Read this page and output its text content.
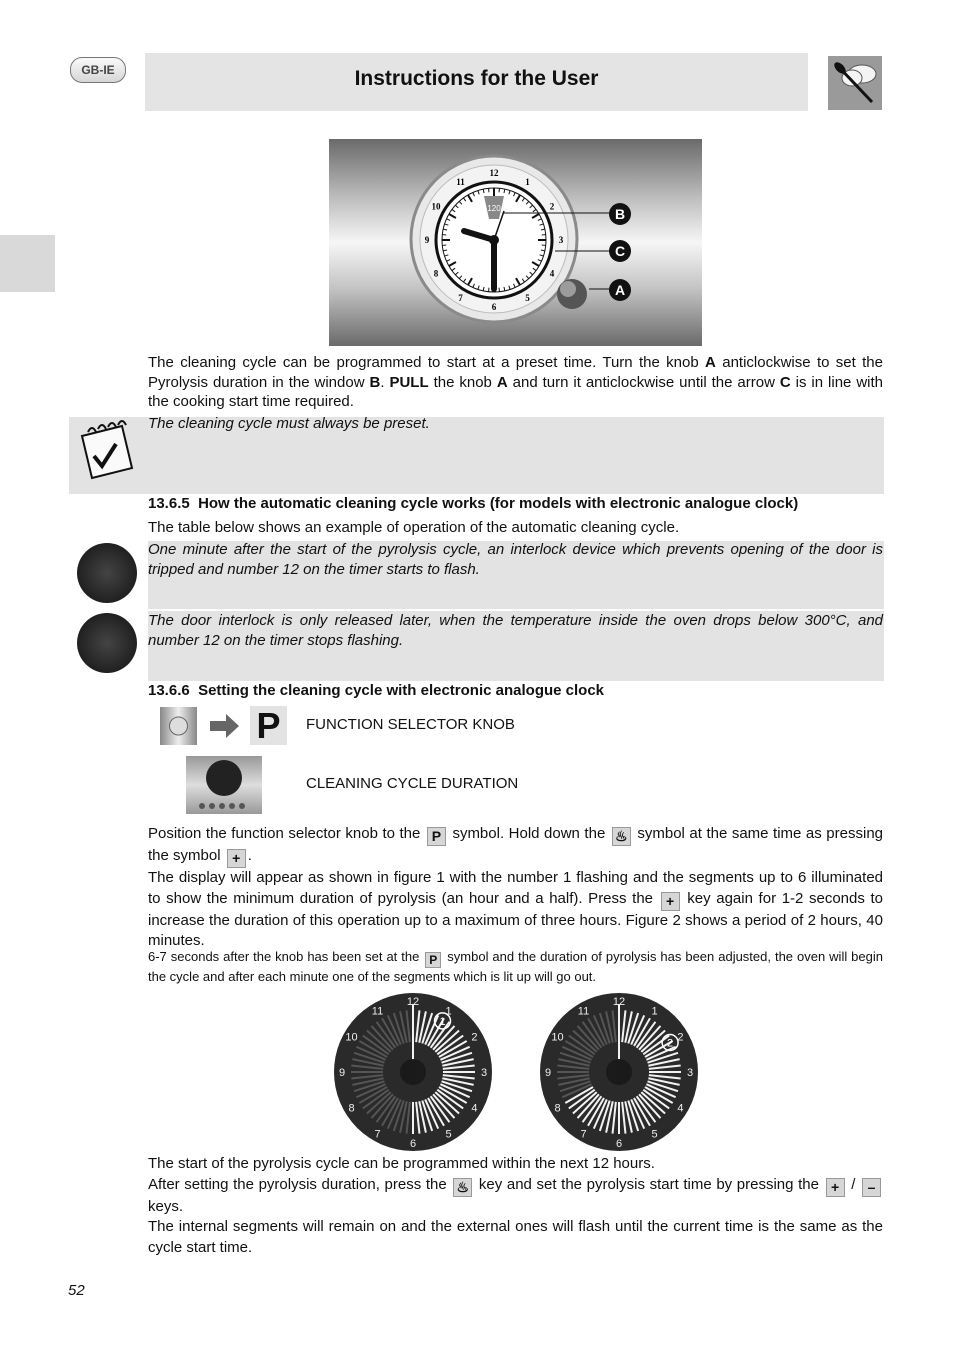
GB-IE	Instructions for the User
12
1
2
3
4
5
6
7
8
9
10
11
120	B
C
A
The cleaning cycle can be programmed to start at a preset time. Turn the knob A anticlockwise to set the Pyrolysis duration in the window B. PULL the knob A and turn it anticlockwise until the arrow C is in line with the cooking start time required.
The cleaning cycle must always be preset.
13.6.5 How the automatic cleaning cycle works (for models with electronic analogue clock)
The table below shows an example of operation of the automatic cleaning cycle.
One minute after the start of the pyrolysis cycle, an interlock device which prevents opening of the door is tripped and number 12 on the timer starts to flash.
The door interlock is only released later, when the temperature inside the oven drops below 300°C, and number 12 on the timer stops flashing.
13.6.6 Setting the cleaning cycle with electronic analogue clock
P	FUNCTION SELECTOR KNOB
CLEANING CYCLE DURATION
Position the function selector knob to the P symbol. Hold down the ♨ symbol at the same time as pressing the symbol + .
The display will appear as shown in figure 1 with the number 1 flashing and the segments up to 6 illuminated to show the minimum duration of pyrolysis (an hour and a half). Press the + key again for 1-2 seconds to increase the duration of this operation up to a maximum of three hours. Figure 2 shows a period of 2 hours, 40 minutes.
6-7 seconds after the knob has been set at the P symbol and the duration of pyrolysis has been adjusted, the oven will begin the cycle and after each minute one of the segments which is lit up will go out.
12
1
2
3
4
5
6
7
8
9
10
11
1
12
1
2
3
4
5
6
7
8
9
10
11
2
The start of the pyrolysis cycle can be programmed within the next 12 hours.
After setting the pyrolysis duration, press the ♨ key and set the pyrolysis start time by pressing the + / – keys.
The internal segments will remain on and the external ones will flash until the current time is the same as the cycle start time.
52
